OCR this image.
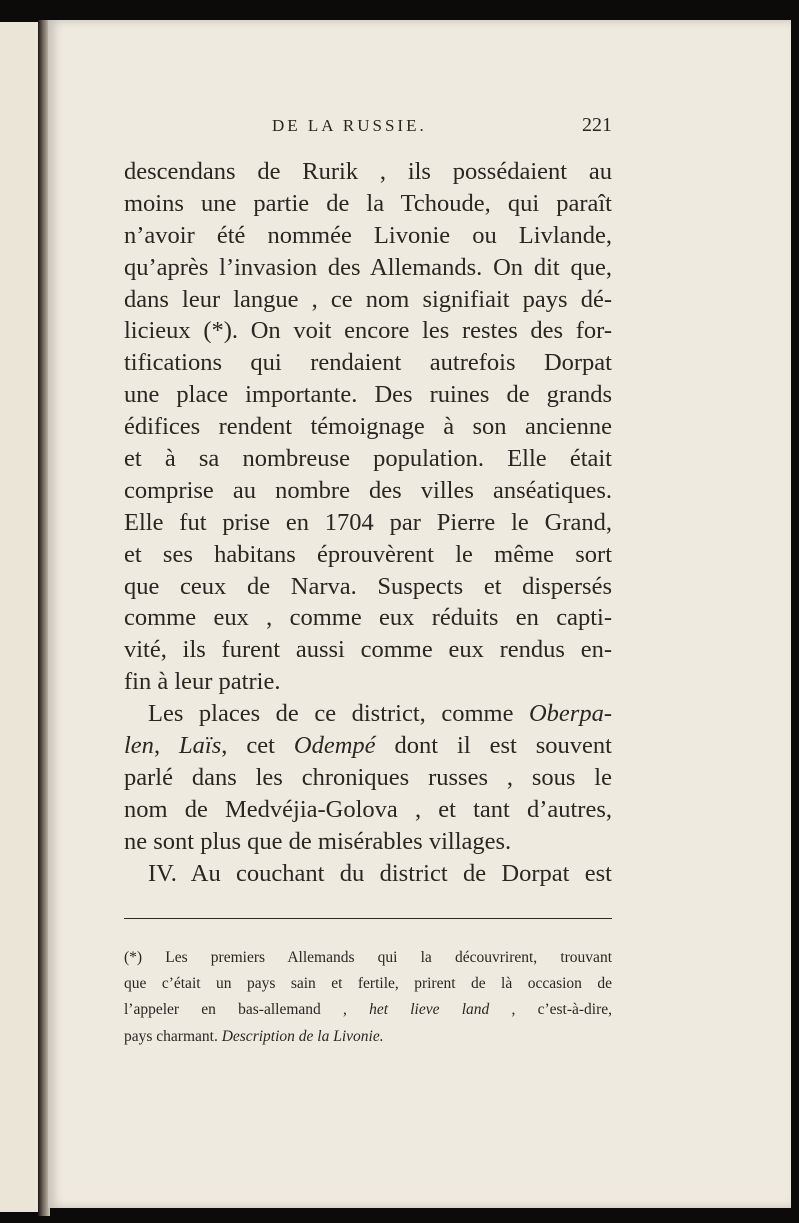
DE LA RUSSIE.	221
descendans de Rurik , ils possédaient au
moins une partie de la Tchoude, qui paraît
n’avoir été nommée Livonie ou Livlande,
qu’après l’invasion des Allemands. On dit que,
dans leur langue , ce nom signifiait pays dé-
licieux (*). On voit encore les restes des for-
tifications qui rendaient autrefois Dorpat
une place importante. Des ruines de grands
édifices rendent témoignage à son ancienne
et à sa nombreuse population. Elle était
comprise au nombre des villes anséatiques.
Elle fut prise en 1704 par Pierre le Grand,
et ses habitans éprouvèrent le même sort
que ceux de Narva. Suspects et dispersés
comme eux , comme eux réduits en capti-
vité, ils furent aussi comme eux rendus en-
fin à leur patrie.
Les places de ce district, comme Oberpa-
len, Laïs, cet Odempé dont il est souvent
parlé dans les chroniques russes , sous le
nom de Medvéjia-Golova , et tant d’autres,
ne sont plus que de misérables villages.
IV. Au couchant du district de Dorpat est
(*) Les premiers Allemands qui la découvrirent, trouvant
que c’était un pays sain et fertile, prirent de là occasion de
l’appeler en bas-allemand , het lieve land , c’est-à-dire,
pays charmant. Description de la Livonie.
